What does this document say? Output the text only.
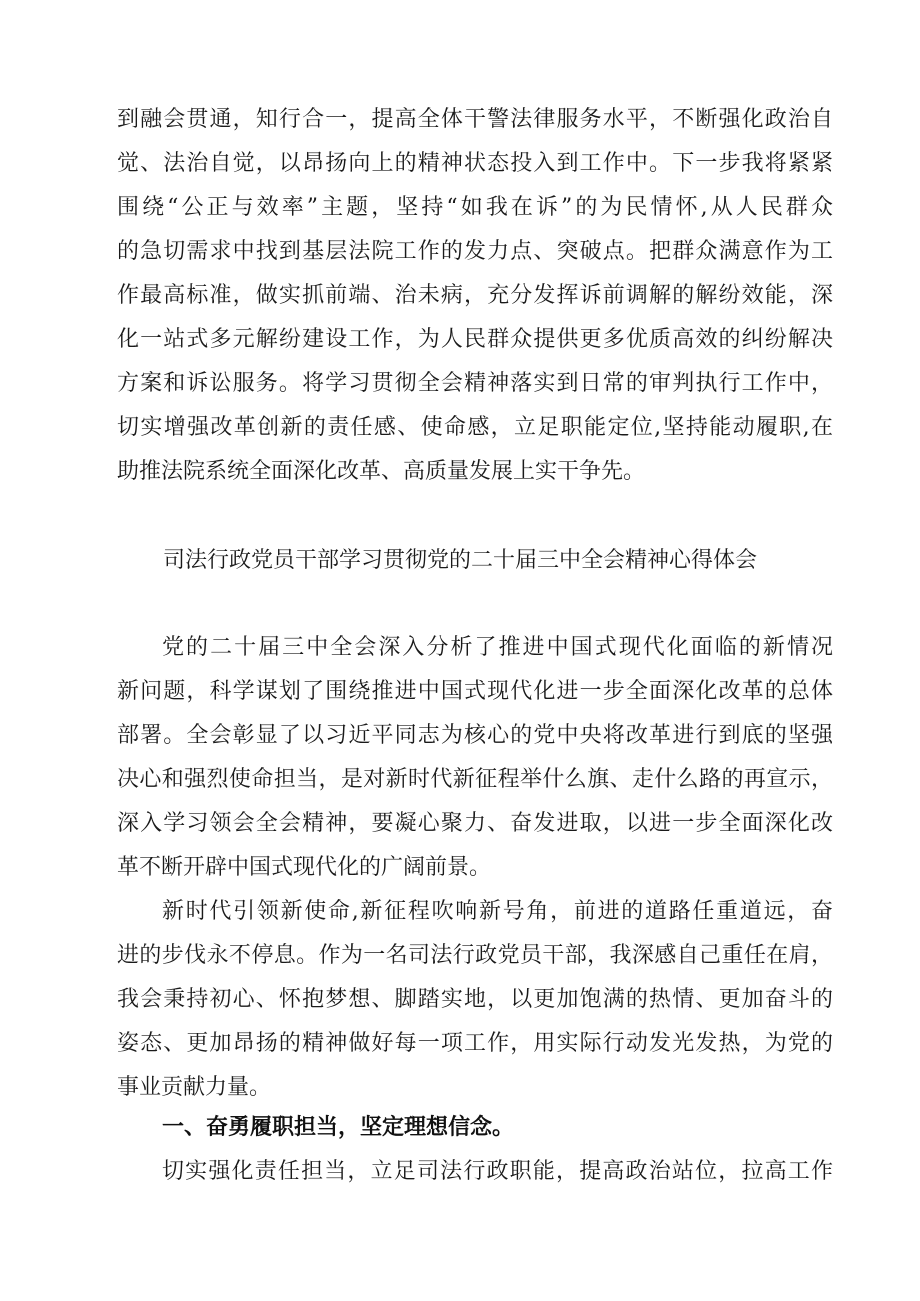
到融会贯通，知行合一，提高全体干警法律服务水平，不断强化政治自
觉、法治自觉，以昂扬向上的精神状态投入到工作中。下一步我将紧紧
围绕“公正与效率”主题，坚持“如我在诉”的为民情怀,从人民群众
的急切需求中找到基层法院工作的发力点、突破点。把群众满意作为工
作最高标准，做实抓前端、治未病，充分发挥诉前调解的解纷效能，深
化一站式多元解纷建设工作，为人民群众提供更多优质高效的纠纷解决
方案和诉讼服务。将学习贯彻全会精神落实到日常的审判执行工作中，
切实增强改革创新的责任感、使命感，立足职能定位,坚持能动履职,在
助推法院系统全面深化改革、高质量发展上实干争先。
司法行政党员干部学习贯彻党的二十届三中全会精神心得体会
党的二十届三中全会深入分析了推进中国式现代化面临的新情况
新问题，科学谋划了围绕推进中国式现代化进一步全面深化改革的总体
部署。全会彰显了以习近平同志为核心的党中央将改革进行到底的坚强
决心和强烈使命担当，是对新时代新征程举什么旗、走什么路的再宣示，
深入学习领会全会精神，要凝心聚力、奋发进取，以进一步全面深化改
革不断开辟中国式现代化的广阔前景。
新时代引领新使命,新征程吹响新号角，前进的道路任重道远，奋
进的步伐永不停息。作为一名司法行政党员干部，我深感自己重任在肩，
我会秉持初心、怀抱梦想、脚踏实地，以更加饱满的热情、更加奋斗的
姿态、更加昂扬的精神做好每一项工作，用实际行动发光发热，为党的
事业贡献力量。
一、奋勇履职担当，坚定理想信念。
切实强化责任担当，立足司法行政职能，提高政治站位，拉高工作
